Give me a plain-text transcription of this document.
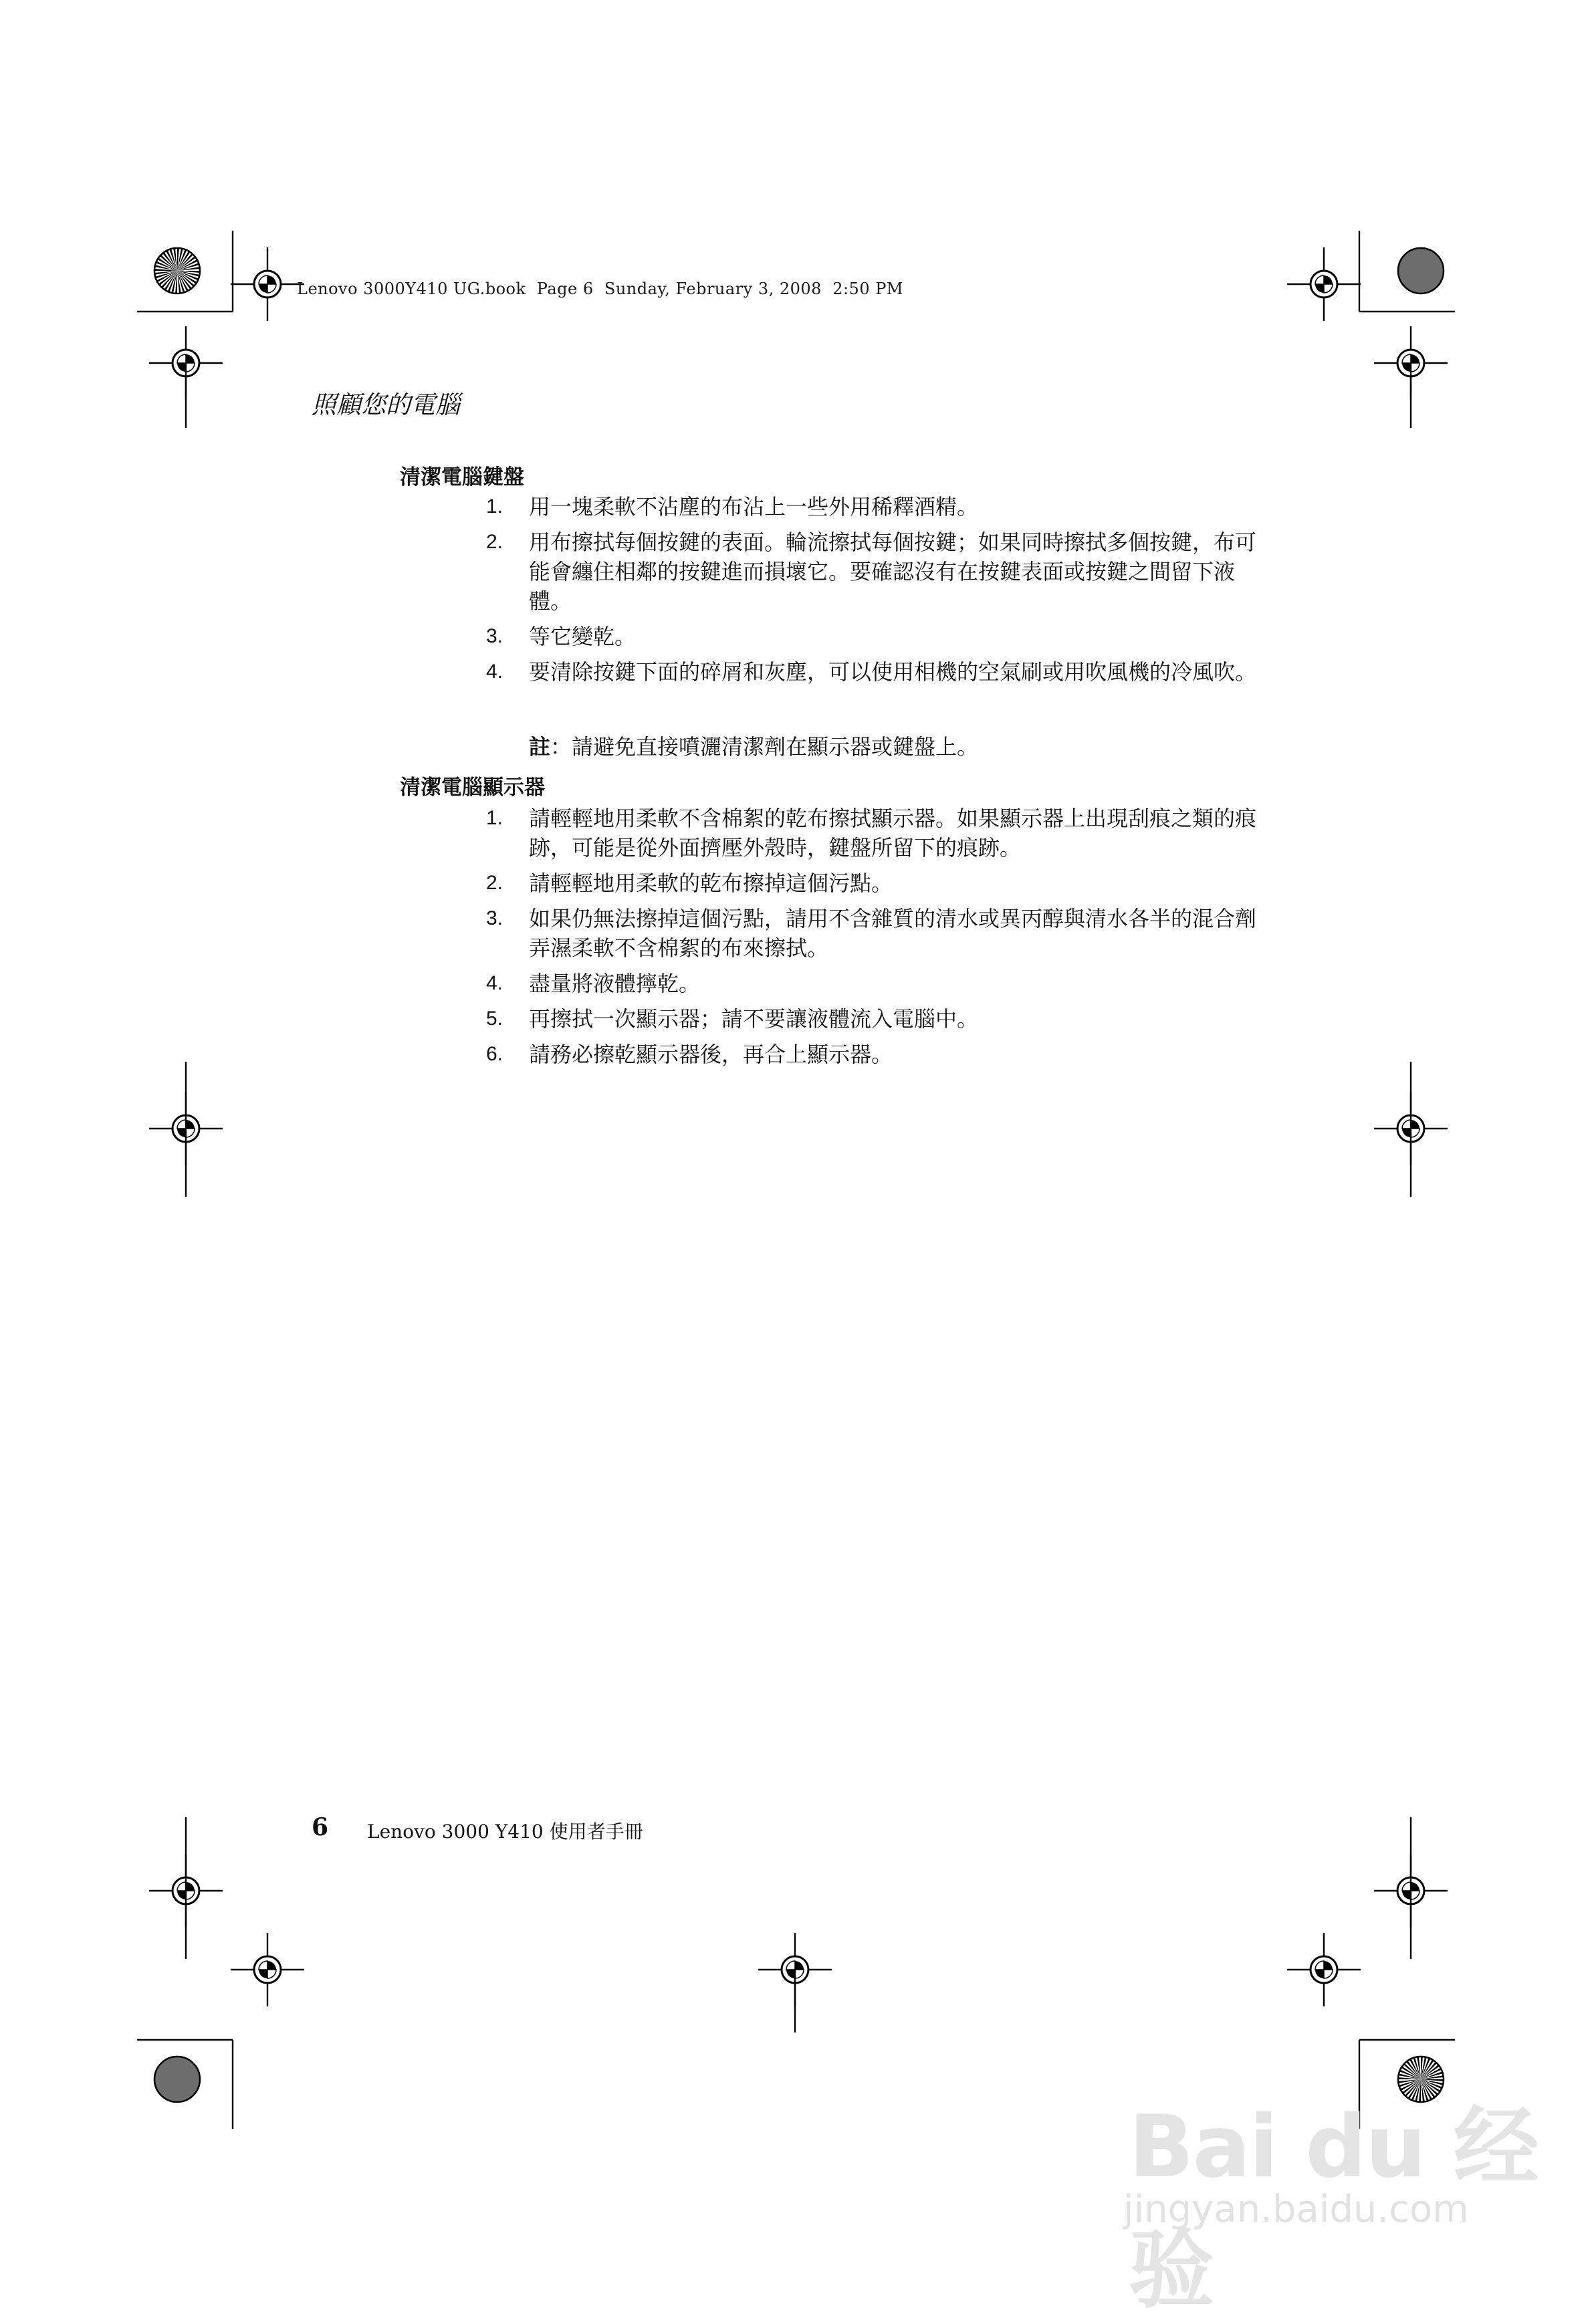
Lenovo 3000Y410 UG.book  Page 6  Sunday, February 3, 2008  2:50 PM
照顧您的電腦
清潔電腦鍵盤
1.	用一塊柔軟不沾塵的布沾上一些外用稀釋酒精。
2.	用布擦拭每個按鍵的表面。輪流擦拭每個按鍵；如果同時擦拭多個按鍵，布可能會纏住相鄰的按鍵進而損壞它。要確認沒有在按鍵表面或按鍵之間留下液體。
3.	等它變乾。
4.	要清除按鍵下面的碎屑和灰塵，可以使用相機的空氣刷或用吹風機的冷風吹。
註：請避免直接噴灑清潔劑在顯示器或鍵盤上。
清潔電腦顯示器
1.	請輕輕地用柔軟不含棉絮的乾布擦拭顯示器。如果顯示器上出現刮痕之類的痕跡，可能是從外面擠壓外殼時，鍵盤所留下的痕跡。
2.	請輕輕地用柔軟的乾布擦掉這個污點。
3.	如果仍無法擦掉這個污點，請用不含雜質的清水或異丙醇與清水各半的混合劑弄濕柔軟不含棉絮的布來擦拭。
4.	盡量將液體擰乾。
5.	再擦拭一次顯示器；請不要讓液體流入電腦中。
6.	請務必擦乾顯示器後，再合上顯示器。
6 Lenovo 3000 Y410 使用者手冊
Bai du 经验
jingyan.baidu.com
